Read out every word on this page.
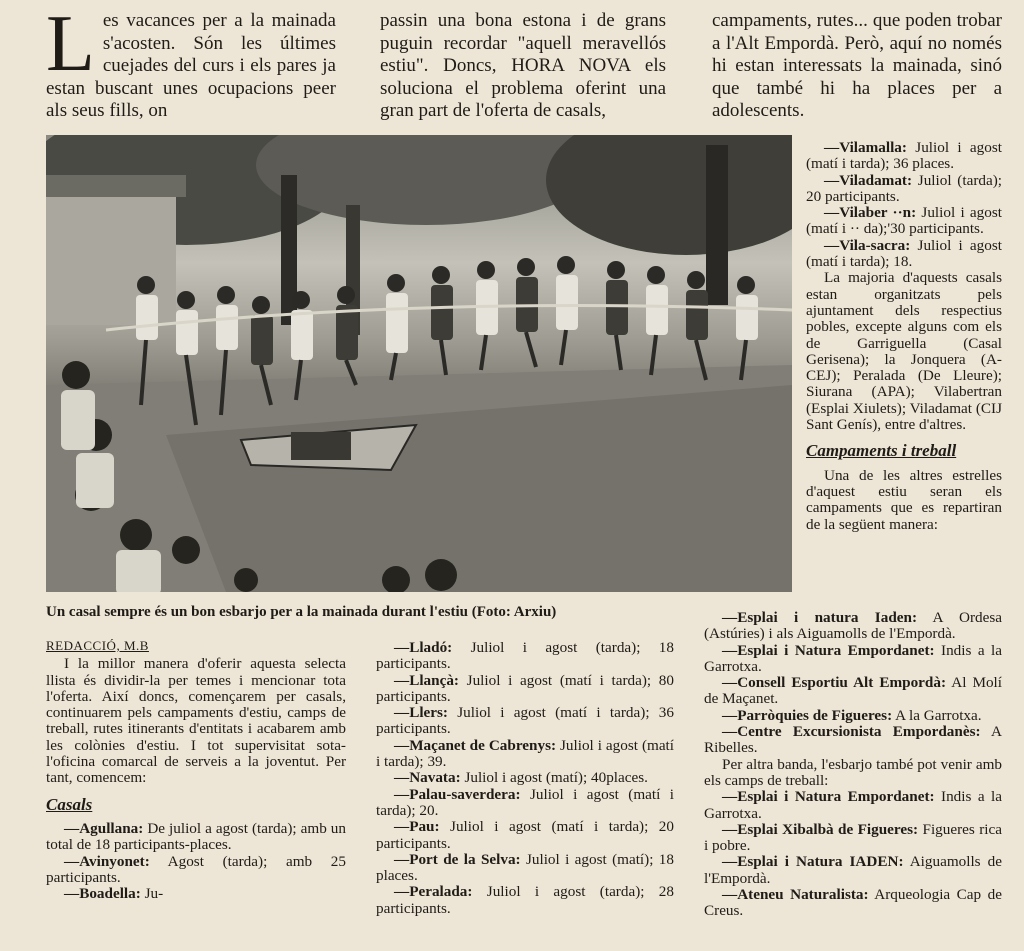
L es vacances per a la mainada s'acosten. Són les últimes cuejades del curs i els pares ja estan buscant unes ocupacions peer als seus fills, on

passin una bona estona i de grans puguin recordar "aquell meravellós estiu". Doncs, HORA NOVA els soluciona el problema oferint una gran part de l'oferta de casals,

campaments, rutes... que poden trobar a l'Alt Empordà. Però, aquí no només hi estan interessats la mainada, sinó que també hi ha places per a adolescents.

Un casal sempre és un bon esbarjo per a la mainada durant l'estiu (Foto: Arxiu)
REDACCIÓ, M.B

I la millor manera d'oferir aquesta selecta llista és dividir-la per temes i mencionar tota l'oferta. Així doncs, començarem per casals, continuarem pels campaments d'estiu, camps de treball, rutes itinerants d'entitats i acabarem amb les colònies d'estiu. I tot supervisitat sota-l'oficina comarcal de serveis a la joventut. Per tant, comencem:

Casals

—Agullana: De juliol a agost (tarda); amb un total de 18 participants-places.

—Avinyonet: Agost (tarda); amb 25 participants.

—Boadella: Ju-

—Lladó: Juliol i agost (tarda); 18 participants.

—Llançà: Juliol i agost (matí i tarda); 80 participants.

—Llers: Juliol i agost (matí i tarda); 36 participants.

—Maçanet de Cabrenys: Juliol i agost (matí i tarda); 39.

—Navata: Juliol i agost (matí); 40places.

—Palau-saverdera: Juliol i agost (matí i tarda); 20.

—Pau: Juliol i agost (matí i tarda); 20 participants.

—Port de la Selva: Juliol i agost (matí); 18 places.

—Peralada: Juliol i agost (tarda); 28 participants.

—Vilamalla: Juliol i agost (matí i tarda); 36 places.

—Viladamat: Juliol (tarda); 20 participants.

—Vilaber ··n: Juliol i agost (matí i ·· da);'30 participants.

—Vila-sacra: Juliol i agost (matí i tarda); 18.

La majoria d'aquests casals estan organitzats pels ajuntament dels respectius pobles, excepte alguns com els de Garriguella (Casal Gerisena); la Jonquera (A-CEJ); Peralada (De Lleure); Siurana (APA); Vilabertran (Esplai Xiulets); Viladamat (CIJ Sant Genís), entre d'altres.

Campaments i treball

Una de les altres estrelles d'aquest estiu seran els campaments que es repartiran de la següent manera:

—Esplai i natura Iaden: A Ordesa (Astúries) i als Aiguamolls de l'Empordà.

—Esplai i Natura Empordanet: Indis a la Garrotxa.

—Consell Esportiu Alt Empordà: Al Molí de Maçanet.

—Parròquies de Figueres: A la Garrotxa.

—Centre Excursionista Empordanès: A Ribelles.

Per altra banda, l'esbarjo també pot venir amb els camps de treball:

—Esplai i Natura Empordanet: Indis a la Garrotxa.

—Esplai Xibalbà de Figueres: Figueres rica i pobre.

—Esplai i Natura IADEN: Aiguamolls de l'Empordà.

—Ateneu Naturalista: Arqueologia Cap de Creus.
